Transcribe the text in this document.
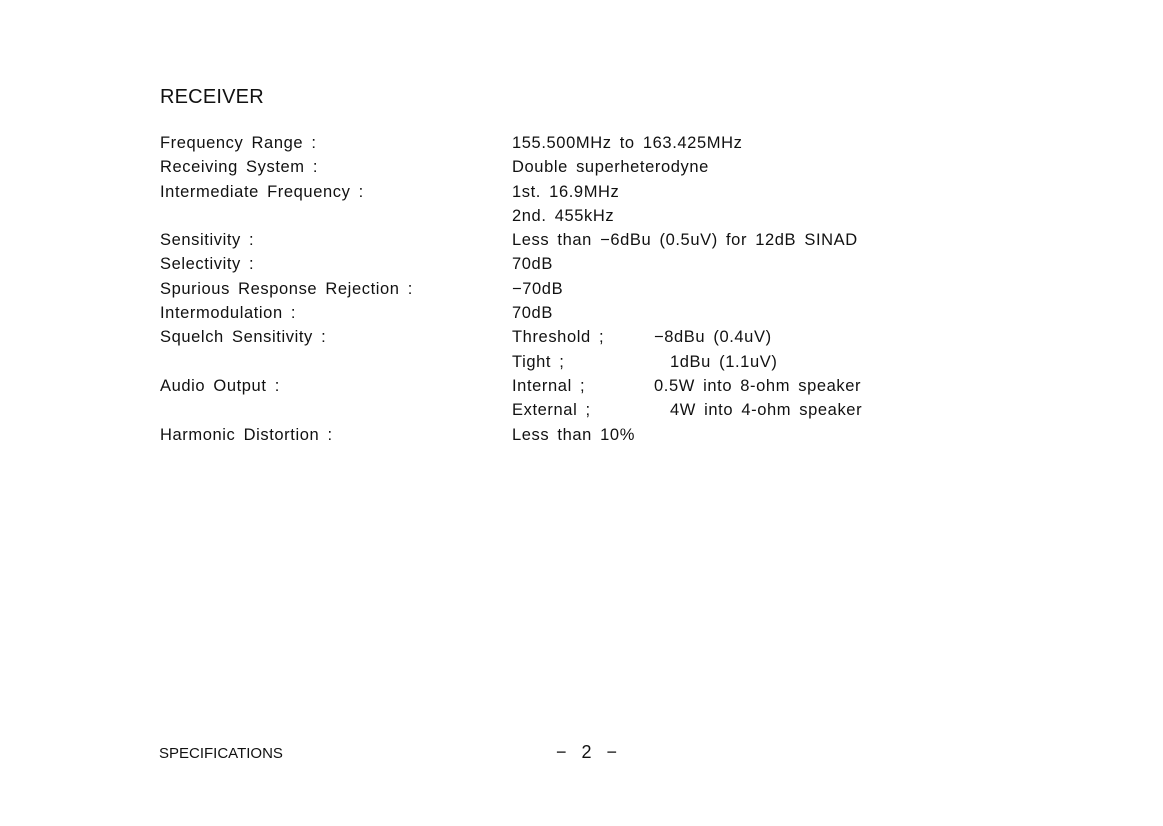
RECEIVER
Frequency Range :	155.500MHz to 163.425MHz
Receiving System :	Double superheterodyne
Intermediate Frequency :	1st. 16.9MHz
2nd. 455kHz
Sensitivity :	Less than −6dBu (0.5uV) for 12dB SINAD
Selectivity :	70dB
Spurious Response Rejection :	−70dB
Intermodulation :	70dB
Squelch Sensitivity :	Threshold ;	−8dBu (0.4uV)
Tight ;	1dBu (1.1uV)
Audio Output :	Internal ;	0.5W into 8-ohm speaker
External ;	4W into 4-ohm speaker
Harmonic Distortion :	Less than 10%
SPECIFICATIONS	− 2 −
